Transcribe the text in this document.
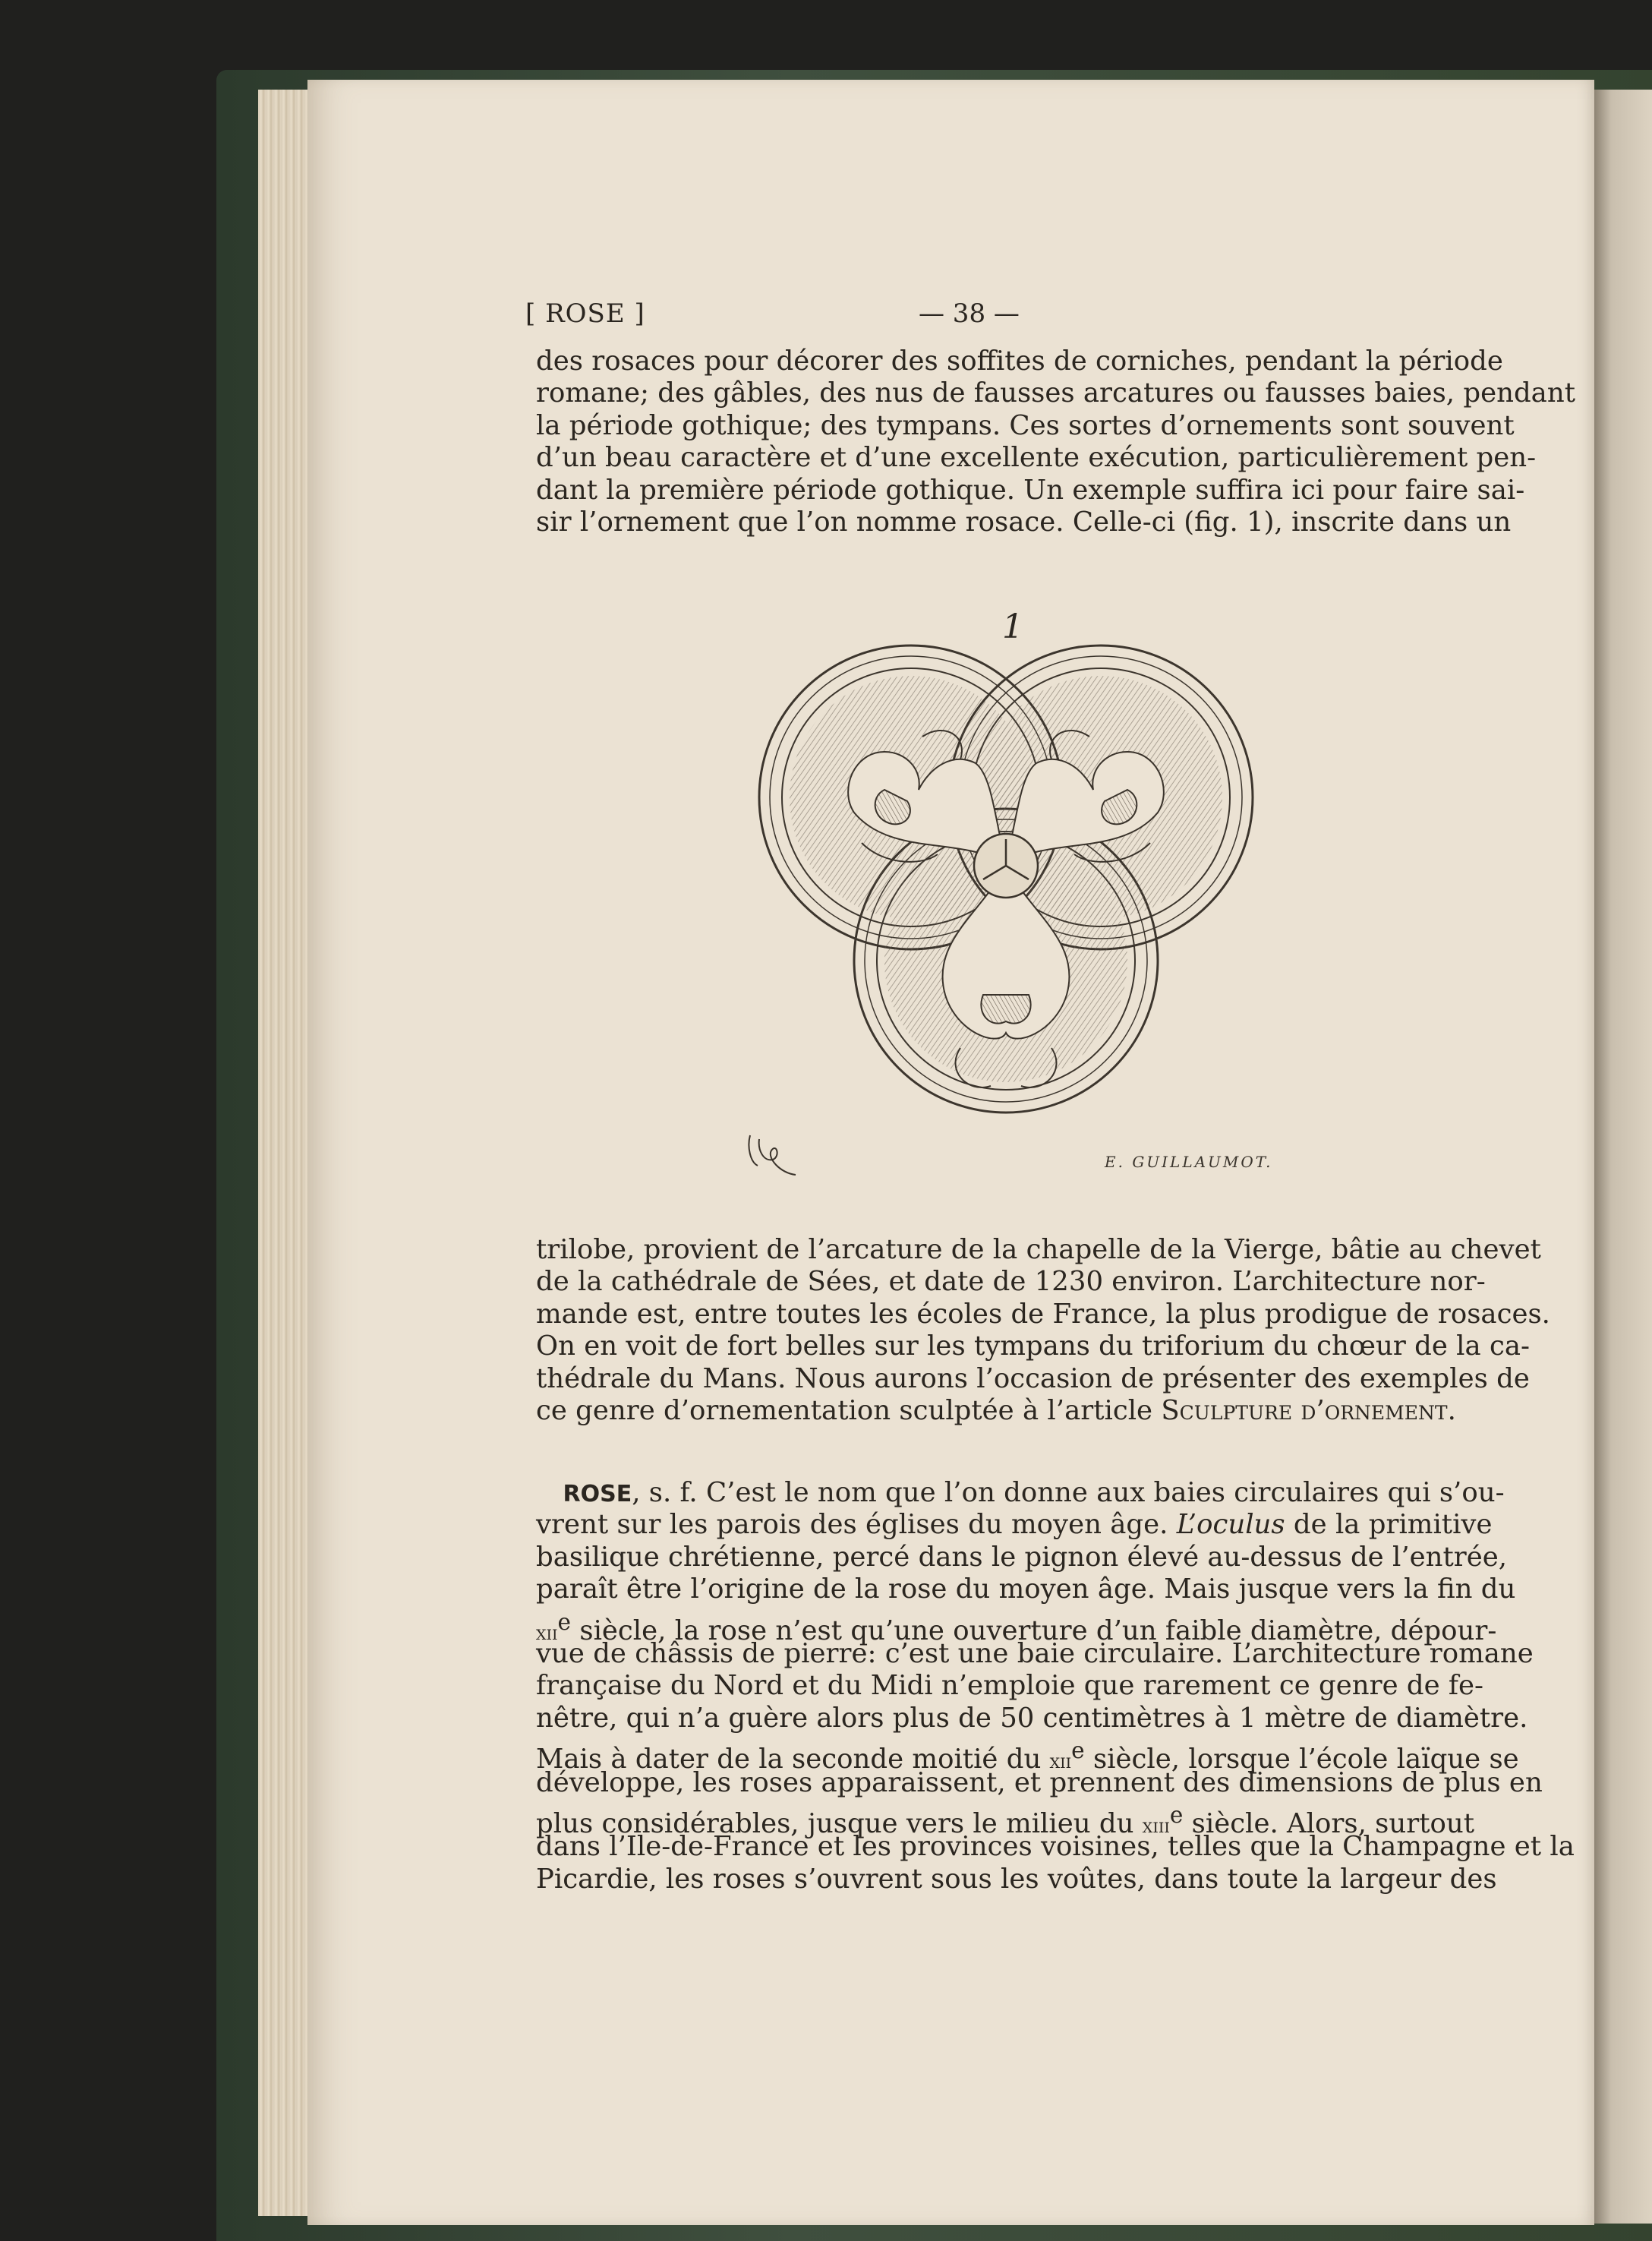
[ ROSE ]	— 38 —
des rosaces pour décorer des soffites de corniches, pendant la période
romane; des gâbles, des nus de fausses arcatures ou fausses baies, pendant
la période gothique; des tympans. Ces sortes d’ornements sont souvent
d’un beau caractère et d’une excellente exécution, particulièrement pen-
dant la première période gothique. Un exemple suffira ici pour faire sai-
sir l’ornement que l’on nomme rosace. Celle-ci (fig. 1), inscrite dans un
1
E. GUILLAUMOT.
trilobe, provient de l’arcature de la chapelle de la Vierge, bâtie au chevet
de la cathédrale de Sées, et date de 1230 environ. L’architecture nor-
mande est, entre toutes les écoles de France, la plus prodigue de rosaces.
On en voit de fort belles sur les tympans du triforium du chœur de la ca-
thédrale du Mans. Nous aurons l’occasion de présenter des exemples de
ce genre d’ornementation sculptée à l’article Sculpture d’ornement.
 ROSE, s. f. C’est le nom que l’on donne aux baies circulaires qui s’ou-
vrent sur les parois des églises du moyen âge. L’oculus de la primitive
basilique chrétienne, percé dans le pignon élevé au-dessus de l’entrée,
paraît être l’origine de la rose du moyen âge. Mais jusque vers la fin du
xii$^e$ siècle, la rose n’est qu’une ouverture d’un faible diamètre, dépour-
vue de châssis de pierre: c’est une baie circulaire. L’architecture romane
française du Nord et du Midi n’emploie que rarement ce genre de fe-
nêtre, qui n’a guère alors plus de 50 centimètres à 1 mètre de diamètre.
Mais à dater de la seconde moitié du xii$^e$ siècle, lorsque l’école laïque se
développe, les roses apparaissent, et prennent des dimensions de plus en
plus considérables, jusque vers le milieu du xiii$^e$ siècle. Alors, surtout
dans l’Ile-de-France et les provinces voisines, telles que la Champagne et la
Picardie, les roses s’ouvrent sous les voûtes, dans toute la largeur des
